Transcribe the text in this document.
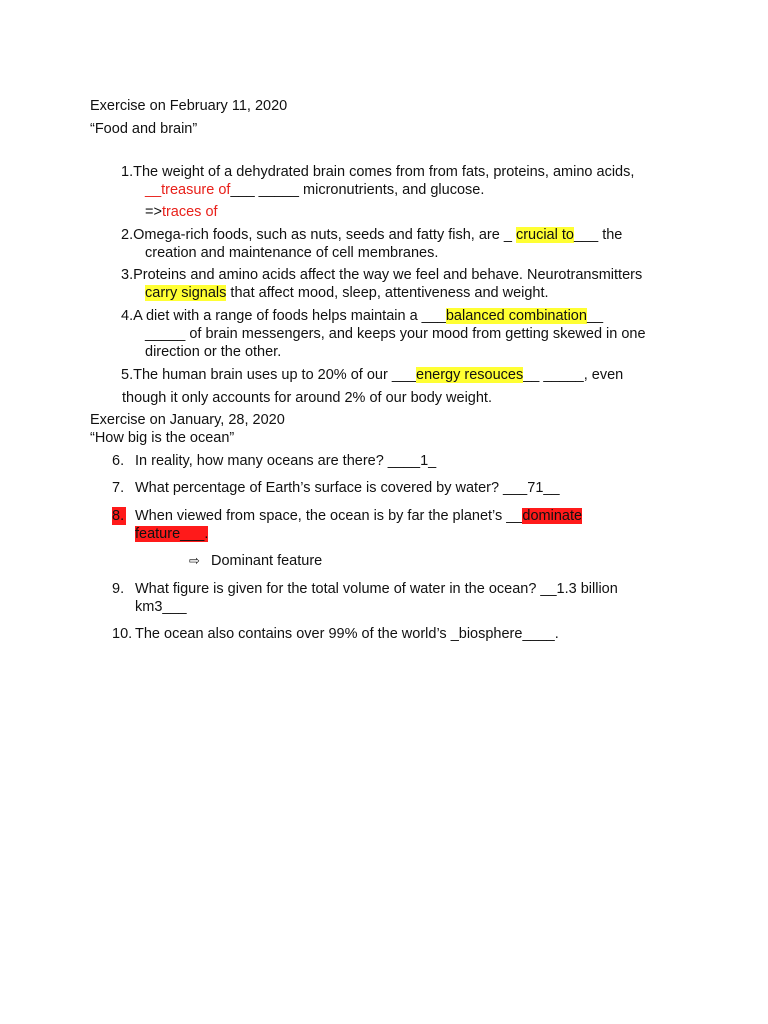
Exercise on February 11, 2020
“Food and brain”
1.The weight of a dehydrated brain comes from from fats, proteins, amino acids,
__treasure of___ _____ micronutrients, and glucose.
=>traces of
2.Omega-rich foods, such as nuts, seeds and fatty fish, are _ crucial to___ the
creation and maintenance of cell membranes.
3.Proteins and amino acids affect the way we feel and behave. Neurotransmitters
carry signals that affect mood, sleep, attentiveness and weight.
4.A diet with a range of foods helps maintain a ___balanced combination__
_____ of brain messengers, and keeps your mood from getting skewed in one
direction or the other.
5.The human brain uses up to 20% of our ___energy resouces__ _____, even
though it only accounts for around 2% of our body weight.
Exercise on January, 28, 2020
“How big is the ocean”
6. In reality, how many oceans are there? ____1_
7. What percentage of Earth’s surface is covered by water? ___71__
8. When viewed from space, the ocean is by far the planet’s __dominate
feature___.
⇨ Dominant feature
9. What figure is given for the total volume of water in the ocean? __1.3 billion
km3___
10. The ocean also contains over 99% of the world’s _biosphere____.
